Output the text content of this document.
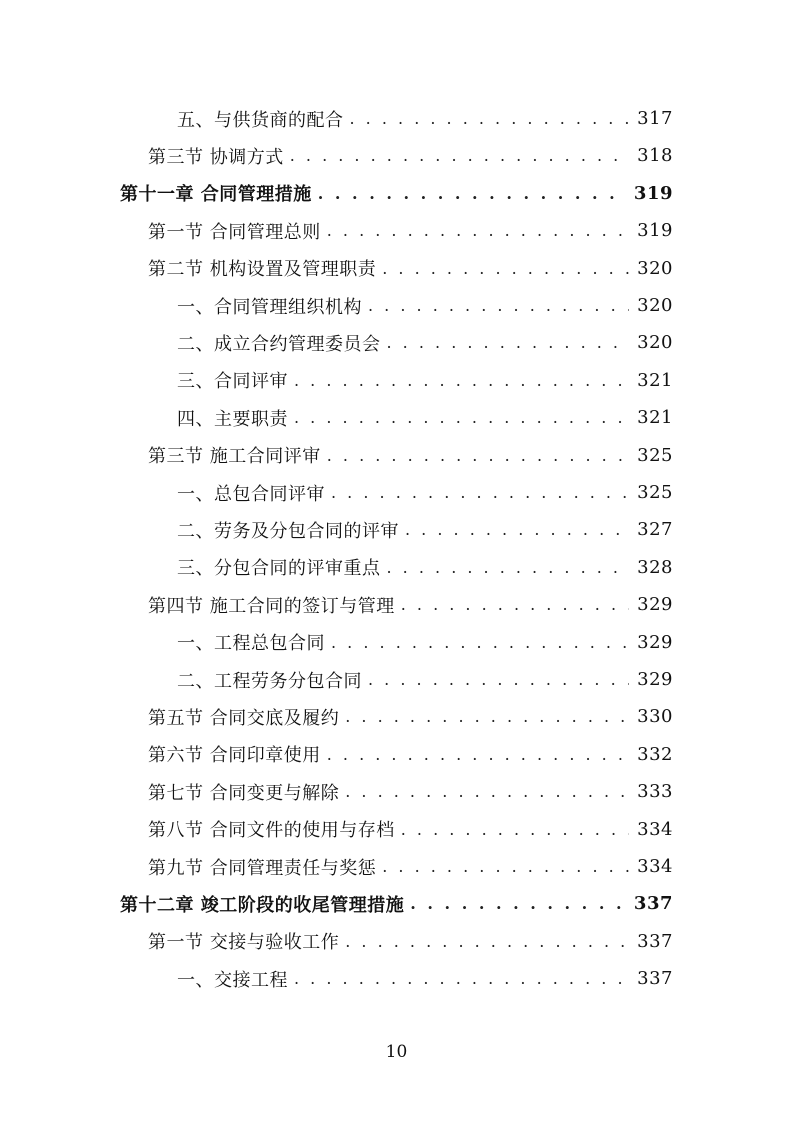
五、与供货商的配合 . . .	317
第三节 协调方式 . . .	318
第十一章 合同管理措施 . . .	319
第一节 合同管理总则 . . .	319
第二节 机构设置及管理职责 . . .	320
一、合同管理组织机构 . . .	320
二、成立合约管理委员会 . . .	320
三、合同评审 . . .	321
四、主要职责 . . .	321
第三节 施工合同评审 . . .	325
一、总包合同评审 . . .	325
二、劳务及分包合同的评审 . . .	327
三、分包合同的评审重点 . . .	328
第四节 施工合同的签订与管理 . . .	329
一、工程总包合同 . . .	329
二、工程劳务分包合同 . . .	329
第五节 合同交底及履约 . . .	330
第六节 合同印章使用 . . .	332
第七节 合同变更与解除 . . .	333
第八节 合同文件的使用与存档 . . .	334
第九节 合同管理责任与奖惩 . . .	334
第十二章 竣工阶段的收尾管理措施 . . .	337
第一节 交接与验收工作 . . .	337
一、交接工程 . . .	337
10
